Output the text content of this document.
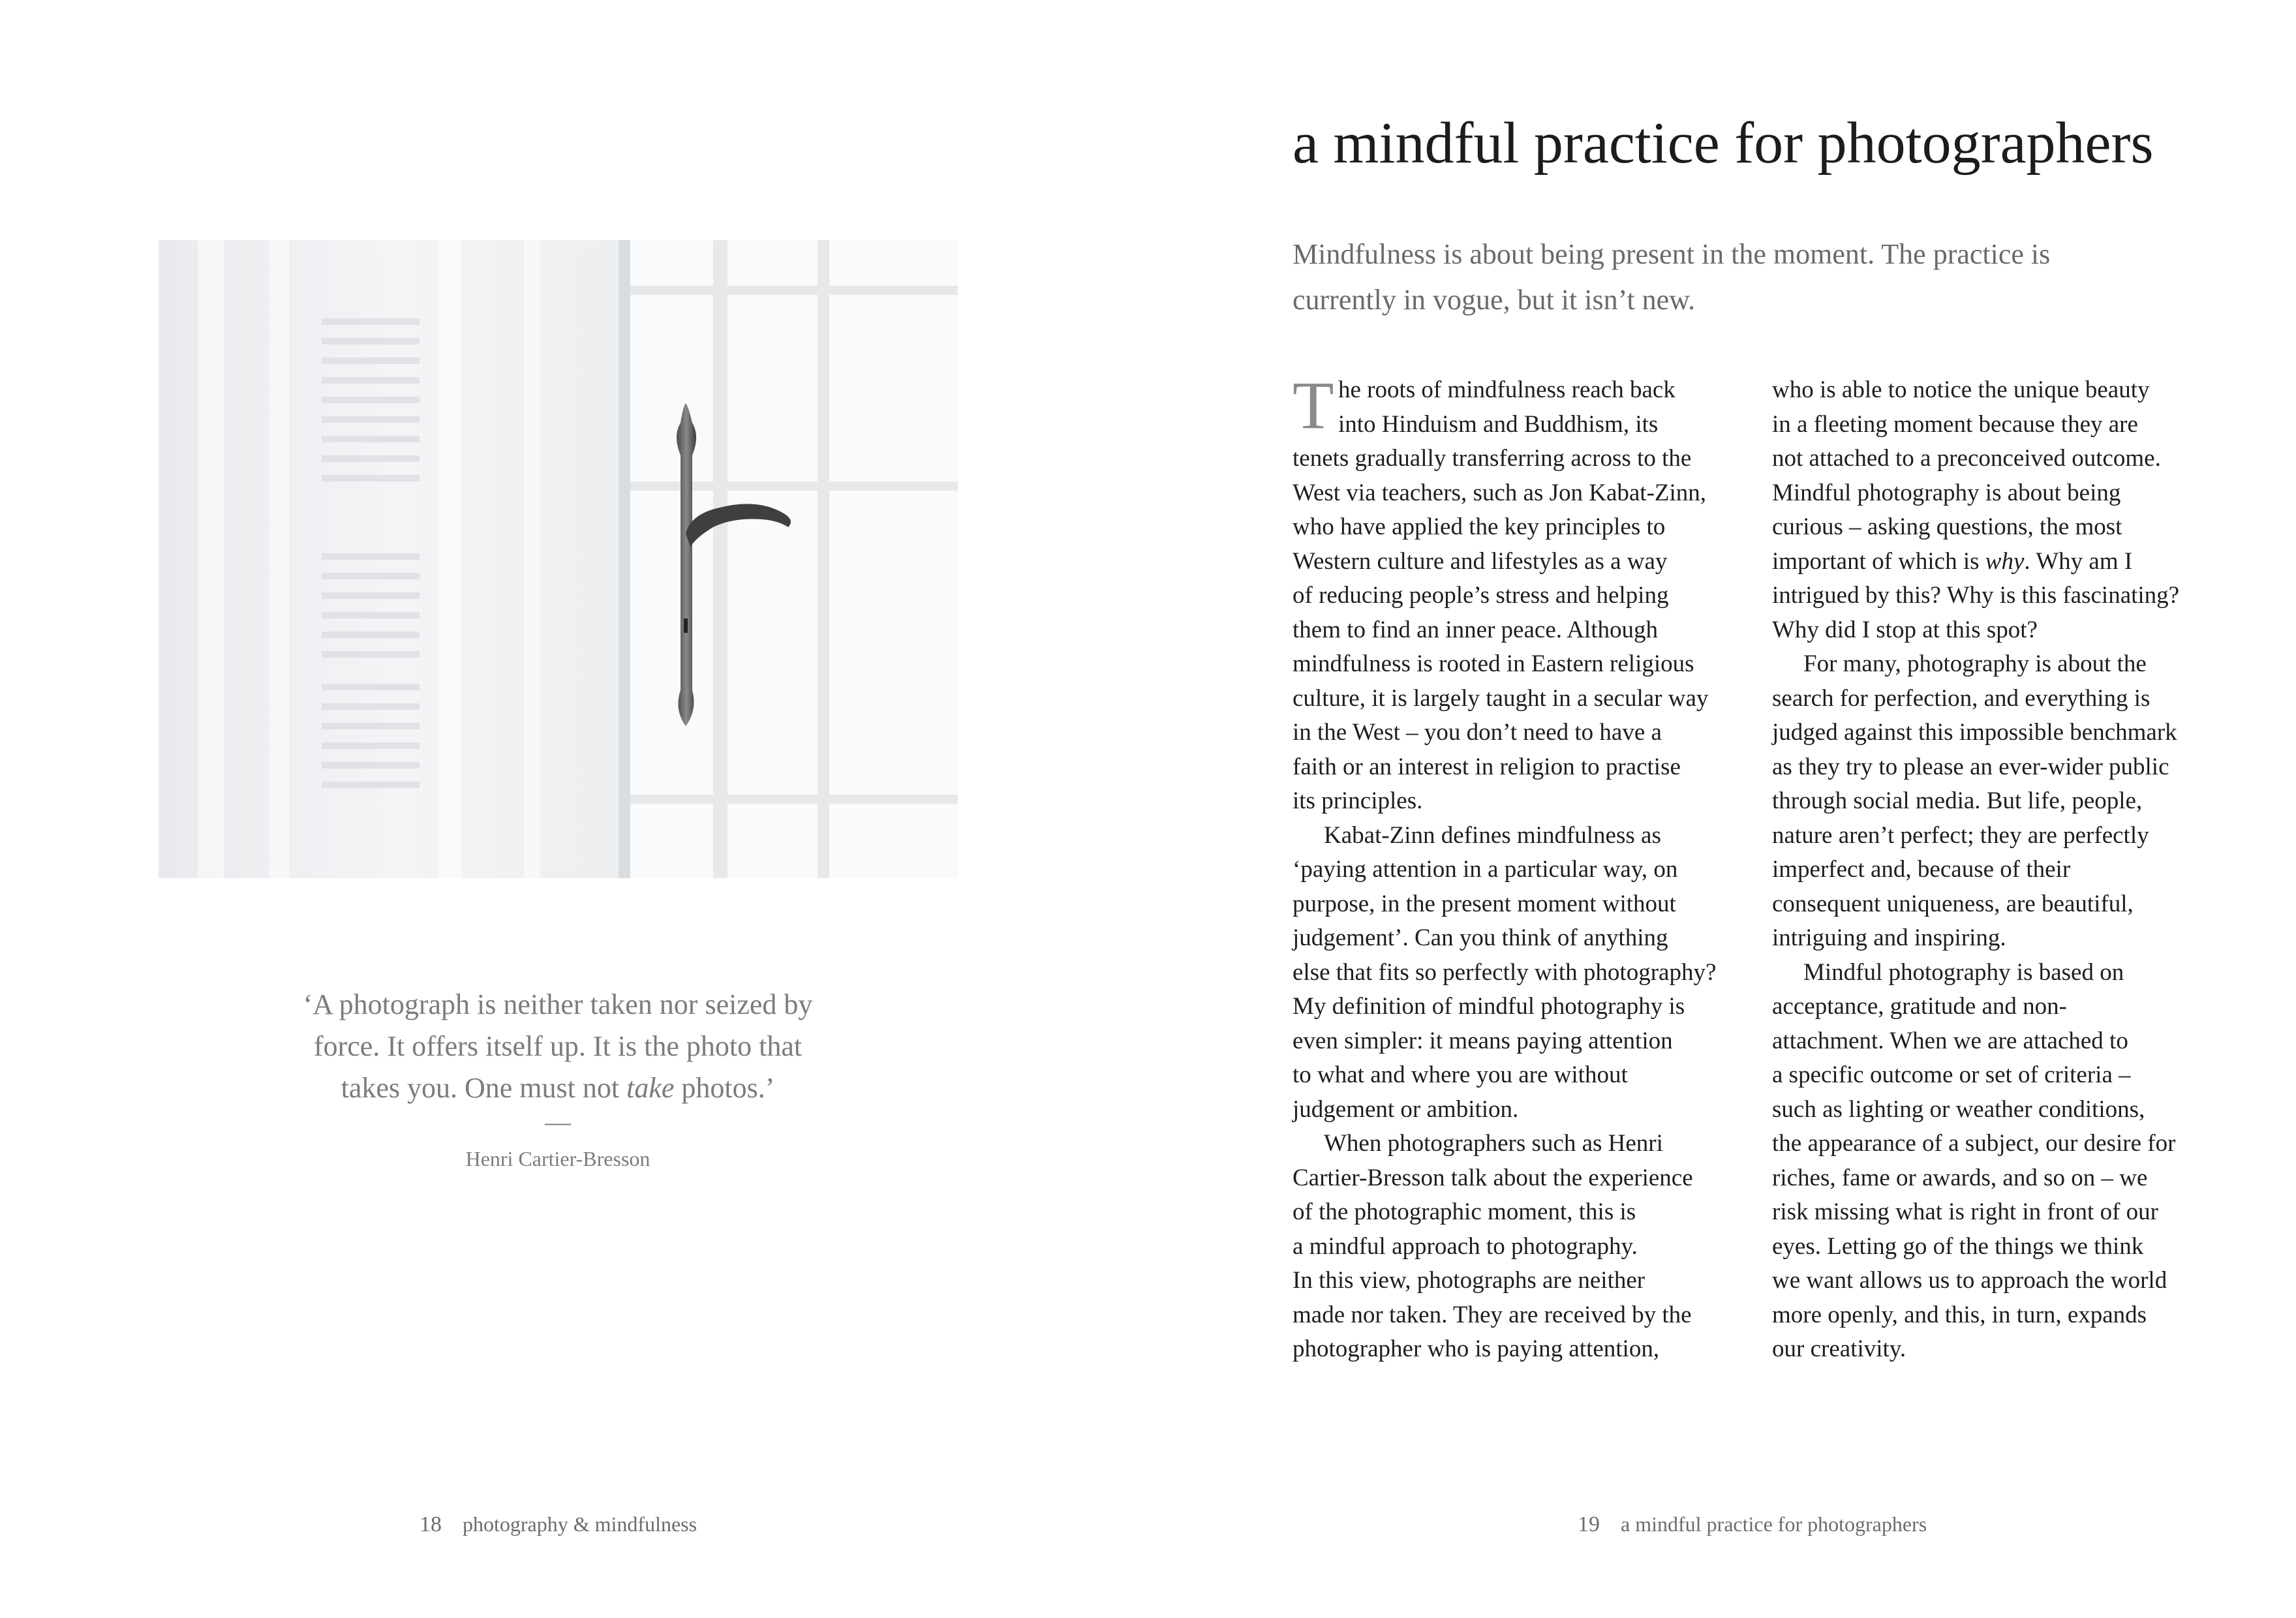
‘A photograph is neither taken nor seized by
force. It offers itself up. It is the photo that
takes you. One must not take photos.’
—
Henri Cartier-Bresson
18 photography & mindfulness
a mindful practice for photographers

Mindfulness is about being present in the moment. The practice is
currently in vogue, but it isn’t new.

T he roots of mindfulness reach back
into Hinduism and Buddhism, its
tenets gradually transferring across to the
West via teachers, such as Jon Kabat-Zinn,
who have applied the key principles to
Western culture and lifestyles as a way
of reducing people’s stress and helping
them to find an inner peace. Although
mindfulness is rooted in Eastern religious
culture, it is largely taught in a secular way
in the West – you don’t need to have a
faith or an interest in religion to practise
its principles.
Kabat-Zinn defines mindfulness as
‘paying attention in a particular way, on
purpose, in the present moment without
judgement’. Can you think of anything
else that fits so perfectly with photography?
My definition of mindful photography is
even simpler: it means paying attention
to what and where you are without
judgement or ambition.
When photographers such as Henri
Cartier-Bresson talk about the experience
of the photographic moment, this is
a mindful approach to photography.
In this view, photographs are neither
made nor taken. They are received by the
photographer who is paying attention,
who is able to notice the unique beauty
in a fleeting moment because they are
not attached to a preconceived outcome.
Mindful photography is about being
curious – asking questions, the most
important of which is why. Why am I
intrigued by this? Why is this fascinating?
Why did I stop at this spot?
For many, photography is about the
search for perfection, and everything is
judged against this impossible benchmark
as they try to please an ever-wider public
through social media. But life, people,
nature aren’t perfect; they are perfectly
imperfect and, because of their
consequent uniqueness, are beautiful,
intriguing and inspiring.
Mindful photography is based on
acceptance, gratitude and non-
attachment. When we are attached to
a specific outcome or set of criteria –
such as lighting or weather conditions,
the appearance of a subject, our desire for
riches, fame or awards, and so on – we
risk missing what is right in front of our
eyes. Letting go of the things we think
we want allows us to approach the world
more openly, and this, in turn, expands
our creativity.
19 a mindful practice for photographers
